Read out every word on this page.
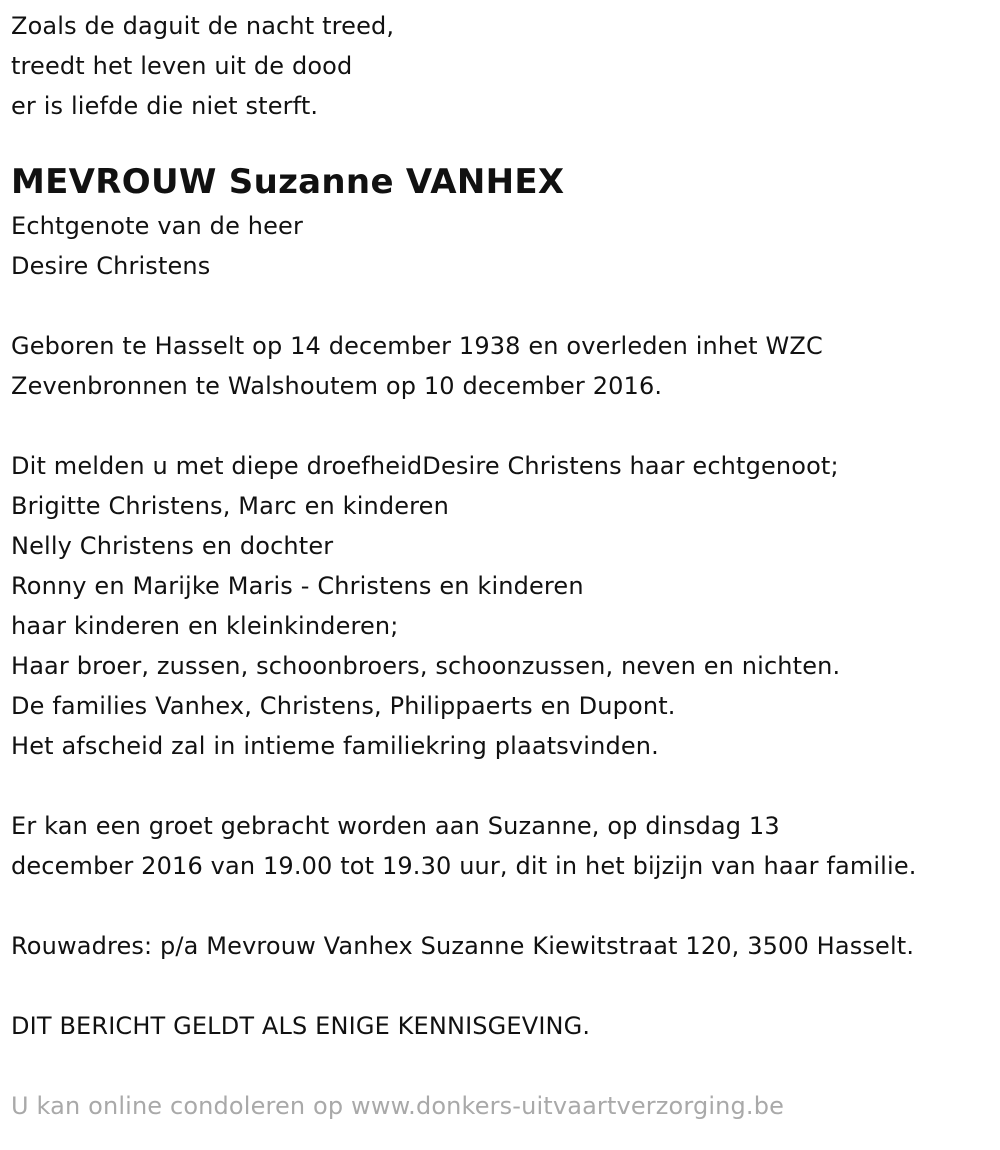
Zoals de daguit de nacht treed,
treedt het leven uit de dood
er is liefde die niet sterft.
MEVROUW Suzanne VANHEX
Echtgenote van de heer
Desire Christens
Geboren te Hasselt op 14 december 1938 en overleden inhet WZC
Zevenbronnen te Walshoutem op 10 december 2016.
Dit melden u met diepe droefheidDesire Christens haar echtgenoot;
Brigitte Christens, Marc en kinderen
Nelly Christens en dochter
Ronny en Marijke Maris - Christens en kinderen
haar kinderen en kleinkinderen;
Haar broer, zussen, schoonbroers, schoonzussen, neven en nichten.
De families Vanhex, Christens, Philippaerts en Dupont.
Het afscheid zal in intieme familiekring plaatsvinden.
Er kan een groet gebracht worden aan Suzanne, op dinsdag 13
december 2016 van 19.00 tot 19.30 uur, dit in het bijzijn van haar familie.
Rouwadres: p/a Mevrouw Vanhex Suzanne Kiewitstraat 120, 3500 Hasselt.
DIT BERICHT GELDT ALS ENIGE KENNISGEVING.
U kan online condoleren op www.donkers-uitvaartverzorging.be
